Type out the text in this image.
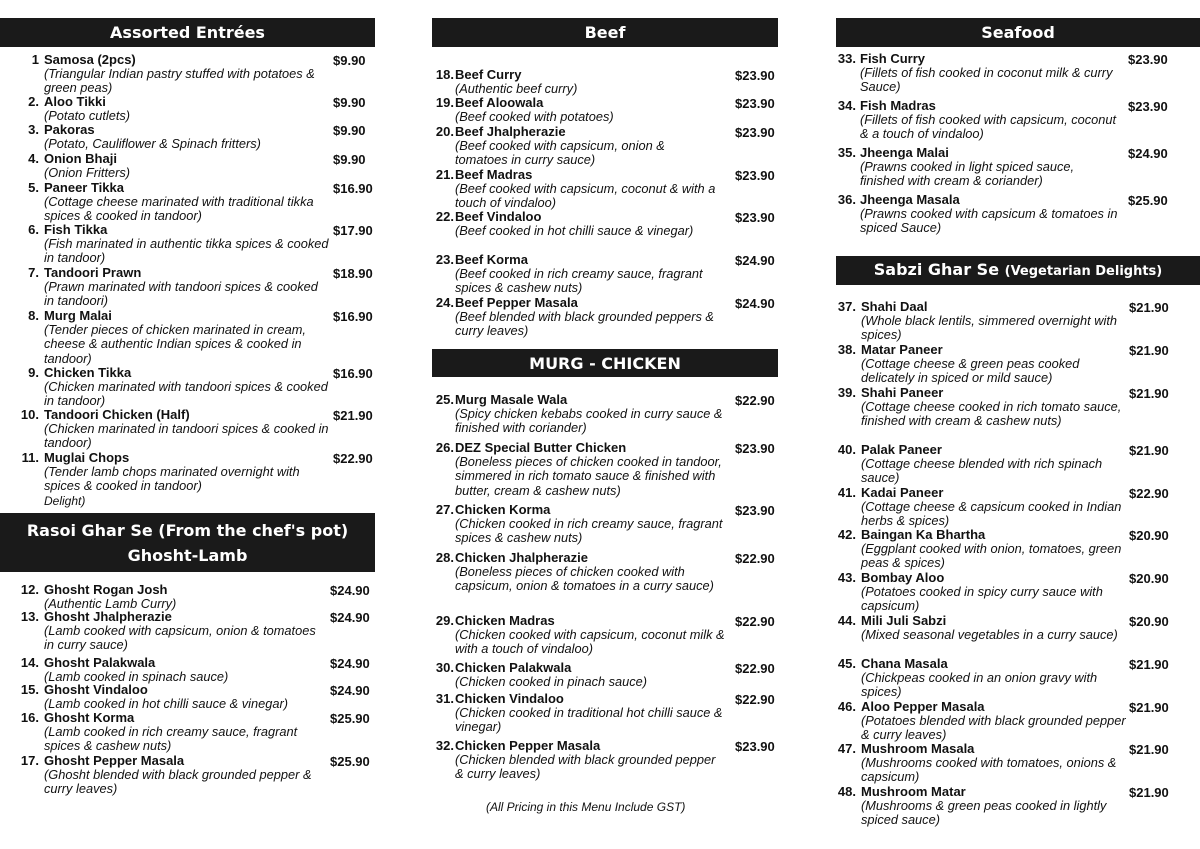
Assorted Entrées
1 Samosa (2pcs)	$9.90
(Triangular Indian pastry stuffed with potatoes & green peas)
2. Aloo Tikki	$9.90
(Potato cutlets)
3. Pakoras	$9.90
(Potato, Cauliflower & Spinach fritters)
4. Onion Bhaji	$9.90
(Onion Fritters)
5. Paneer Tikka	$16.90
(Cottage cheese marinated with traditional tikka spices & cooked in tandoor)
6. Fish Tikka	$17.90
(Fish marinated in authentic tikka spices & cooked in tandoor)
7. Tandoori Prawn	$18.90
(Prawn marinated with tandoori spices & cooked in tandoori)
8. Murg Malai	$16.90
(Tender pieces of chicken marinated in cream, cheese & authentic Indian spices & cooked in tandoor)
9. Chicken Tikka	$16.90
(Chicken marinated with tandoori spices & cooked in tandoor)
10. Tandoori Chicken (Half)	$21.90
(Chicken marinated in tandoori spices & cooked in tandoor)
11. Muglai Chops	$22.90
(Tender lamb chops marinated overnight with spices & cooked in tandoor)
Delight)
Rasoi Ghar Se (From the chef's pot)
Ghosht-Lamb
12. Ghosht Rogan Josh	$24.90
(Authentic Lamb Curry)
13. Ghosht Jhalpherazie	$24.90
(Lamb cooked with capsicum, onion & tomatoes in curry sauce)
14. Ghosht Palakwala	$24.90
(Lamb cooked in spinach sauce)
15. Ghosht Vindaloo	$24.90
(Lamb cooked in hot chilli sauce & vinegar)
16. Ghosht Korma	$25.90
(Lamb cooked in rich creamy sauce, fragrant spices & cashew nuts)
17. Ghosht Pepper Masala	$25.90
(Ghosht blended with black grounded pepper & curry leaves)
Beef
18. Beef Curry	$23.90
(Authentic beef curry)
19. Beef Aloowala	$23.90
(Beef cooked with potatoes)
20. Beef Jhalpherazie	$23.90
(Beef cooked with capsicum, onion & tomatoes in curry sauce)
21. Beef Madras	$23.90
(Beef cooked with capsicum, coconut & with a touch of vindaloo)
22. Beef Vindaloo	$23.90
(Beef cooked in hot chilli sauce & vinegar)
23. Beef Korma	$24.90
(Beef cooked in rich creamy sauce, fragrant spices & cashew nuts)
24. Beef Pepper Masala	$24.90
(Beef blended with black grounded peppers & curry leaves)
MURG - CHICKEN
25. Murg Masale Wala	$22.90
(Spicy chicken kebabs cooked in curry sauce & finished with coriander)
26. DEZ Special Butter Chicken	$23.90
(Boneless pieces of chicken cooked in tandoor, simmered in rich tomato sauce & finished with butter, cream & cashew nuts)
27. Chicken Korma	$23.90
(Chicken cooked in rich creamy sauce, fragrant spices & cashew nuts)
28. Chicken Jhalpherazie	$22.90
(Boneless pieces of chicken cooked with capsicum, onion & tomatoes in a curry sauce)
29. Chicken Madras	$22.90
(Chicken cooked with capsicum, coconut milk & with a touch of vindaloo)
30. Chicken Palakwala	$22.90
(Chicken cooked in pinach sauce)
31. Chicken Vindaloo	$22.90
(Chicken cooked in traditional hot chilli sauce & vinegar)
32. Chicken Pepper Masala	$23.90
(Chicken blended with black grounded pepper & curry leaves)
(All Pricing in this Menu Include GST)
Seafood
33. Fish Curry	$23.90
(Fillets of fish cooked in coconut milk & curry Sauce)
34. Fish Madras	$23.90
(Fillets of fish cooked with capsicum, coconut & a touch of vindaloo)
35. Jheenga Malai	$24.90
(Prawns cooked in light spiced sauce, finished with cream & coriander)
36. Jheenga Masala	$25.90
(Prawns cooked with capsicum & tomatoes in spiced Sauce)
Sabzi Ghar Se (Vegetarian Delights)
37. Shahi Daal	$21.90
(Whole black lentils, simmered overnight with spices)
38. Matar Paneer	$21.90
(Cottage cheese & green peas cooked delicately in spiced or mild sauce)
39. Shahi Paneer	$21.90
(Cottage cheese cooked in rich tomato sauce, finished with cream & cashew nuts)
40. Palak Paneer	$21.90
(Cottage cheese blended with rich spinach sauce)
41. Kadai Paneer	$22.90
(Cottage cheese & capsicum cooked in Indian herbs & spices)
42. Baingan Ka Bhartha	$20.90
(Eggplant cooked with onion, tomatoes, green peas & spices)
43. Bombay Aloo	$20.90
(Potatoes cooked in spicy curry sauce with capsicum)
44. Mili Juli Sabzi	$20.90
(Mixed seasonal vegetables in a curry sauce)
45. Chana Masala	$21.90
(Chickpeas cooked in an onion gravy with spices)
46. Aloo Pepper Masala	$21.90
(Potatoes blended with black grounded pepper & curry leaves)
47. Mushroom Masala	$21.90
(Mushrooms cooked with tomatoes, onions & capsicum)
48. Mushroom Matar	$21.90
(Mushrooms & green peas cooked in lightly spiced sauce)
